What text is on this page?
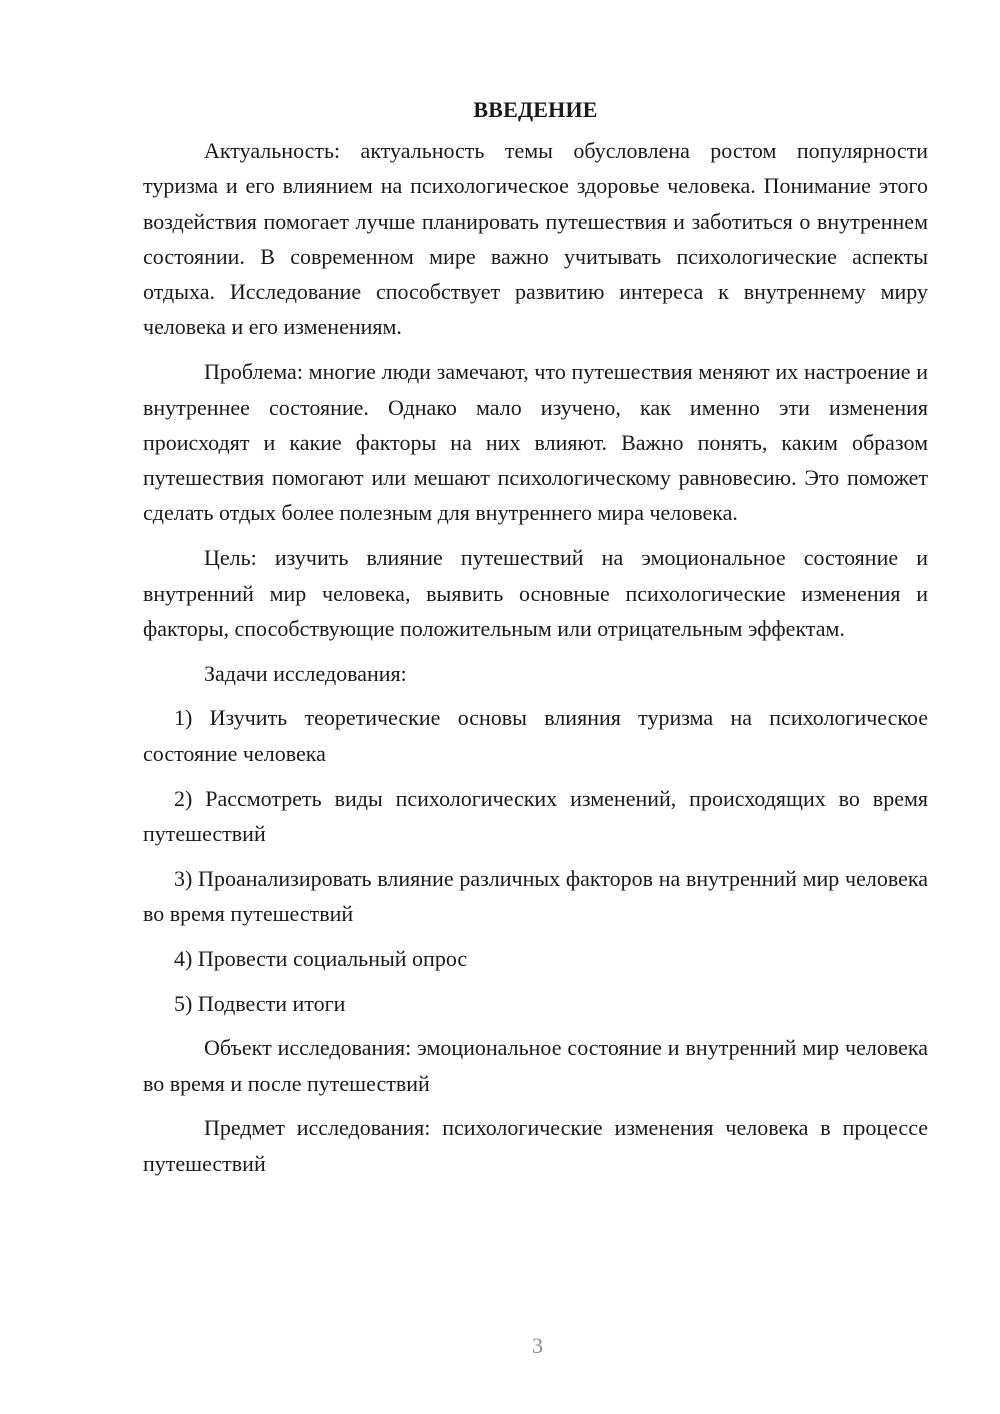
ВВЕДЕНИЕ

Актуальность: актуальность темы обусловлена ростом популярности туризма и его влиянием на психологическое здоровье человека. Понимание этого воздействия помогает лучше планировать путешествия и заботиться о внутреннем состоянии. В современном мире важно учитывать психологические аспекты отдыха. Исследование способствует развитию интереса к внутреннему миру человека и его изменениям.

Проблема: многие люди замечают, что путешествия меняют их настроение и внутреннее состояние. Однако мало изучено, как именно эти изменения происходят и какие факторы на них влияют. Важно понять, каким образом путешествия помогают или мешают психологическому равновесию. Это поможет сделать отдых более полезным для внутреннего мира человека.

Цель: изучить влияние путешествий на эмоциональное состояние и внутренний мир человека, выявить основные психологические изменения и факторы, способствующие положительным или отрицательным эффектам.

Задачи исследования:

1) Изучить теоретические основы влияния туризма на психологическое состояние человека

2) Рассмотреть виды психологических изменений, происходящих во время путешествий

3) Проанализировать влияние различных факторов на внутренний мир человека во время путешествий

4) Провести социальный опрос

5) Подвести итоги

Объект исследования: эмоциональное состояние и внутренний мир человека во время и после путешествий

Предмет исследования: психологические изменения человека в процессе путешествий

3
